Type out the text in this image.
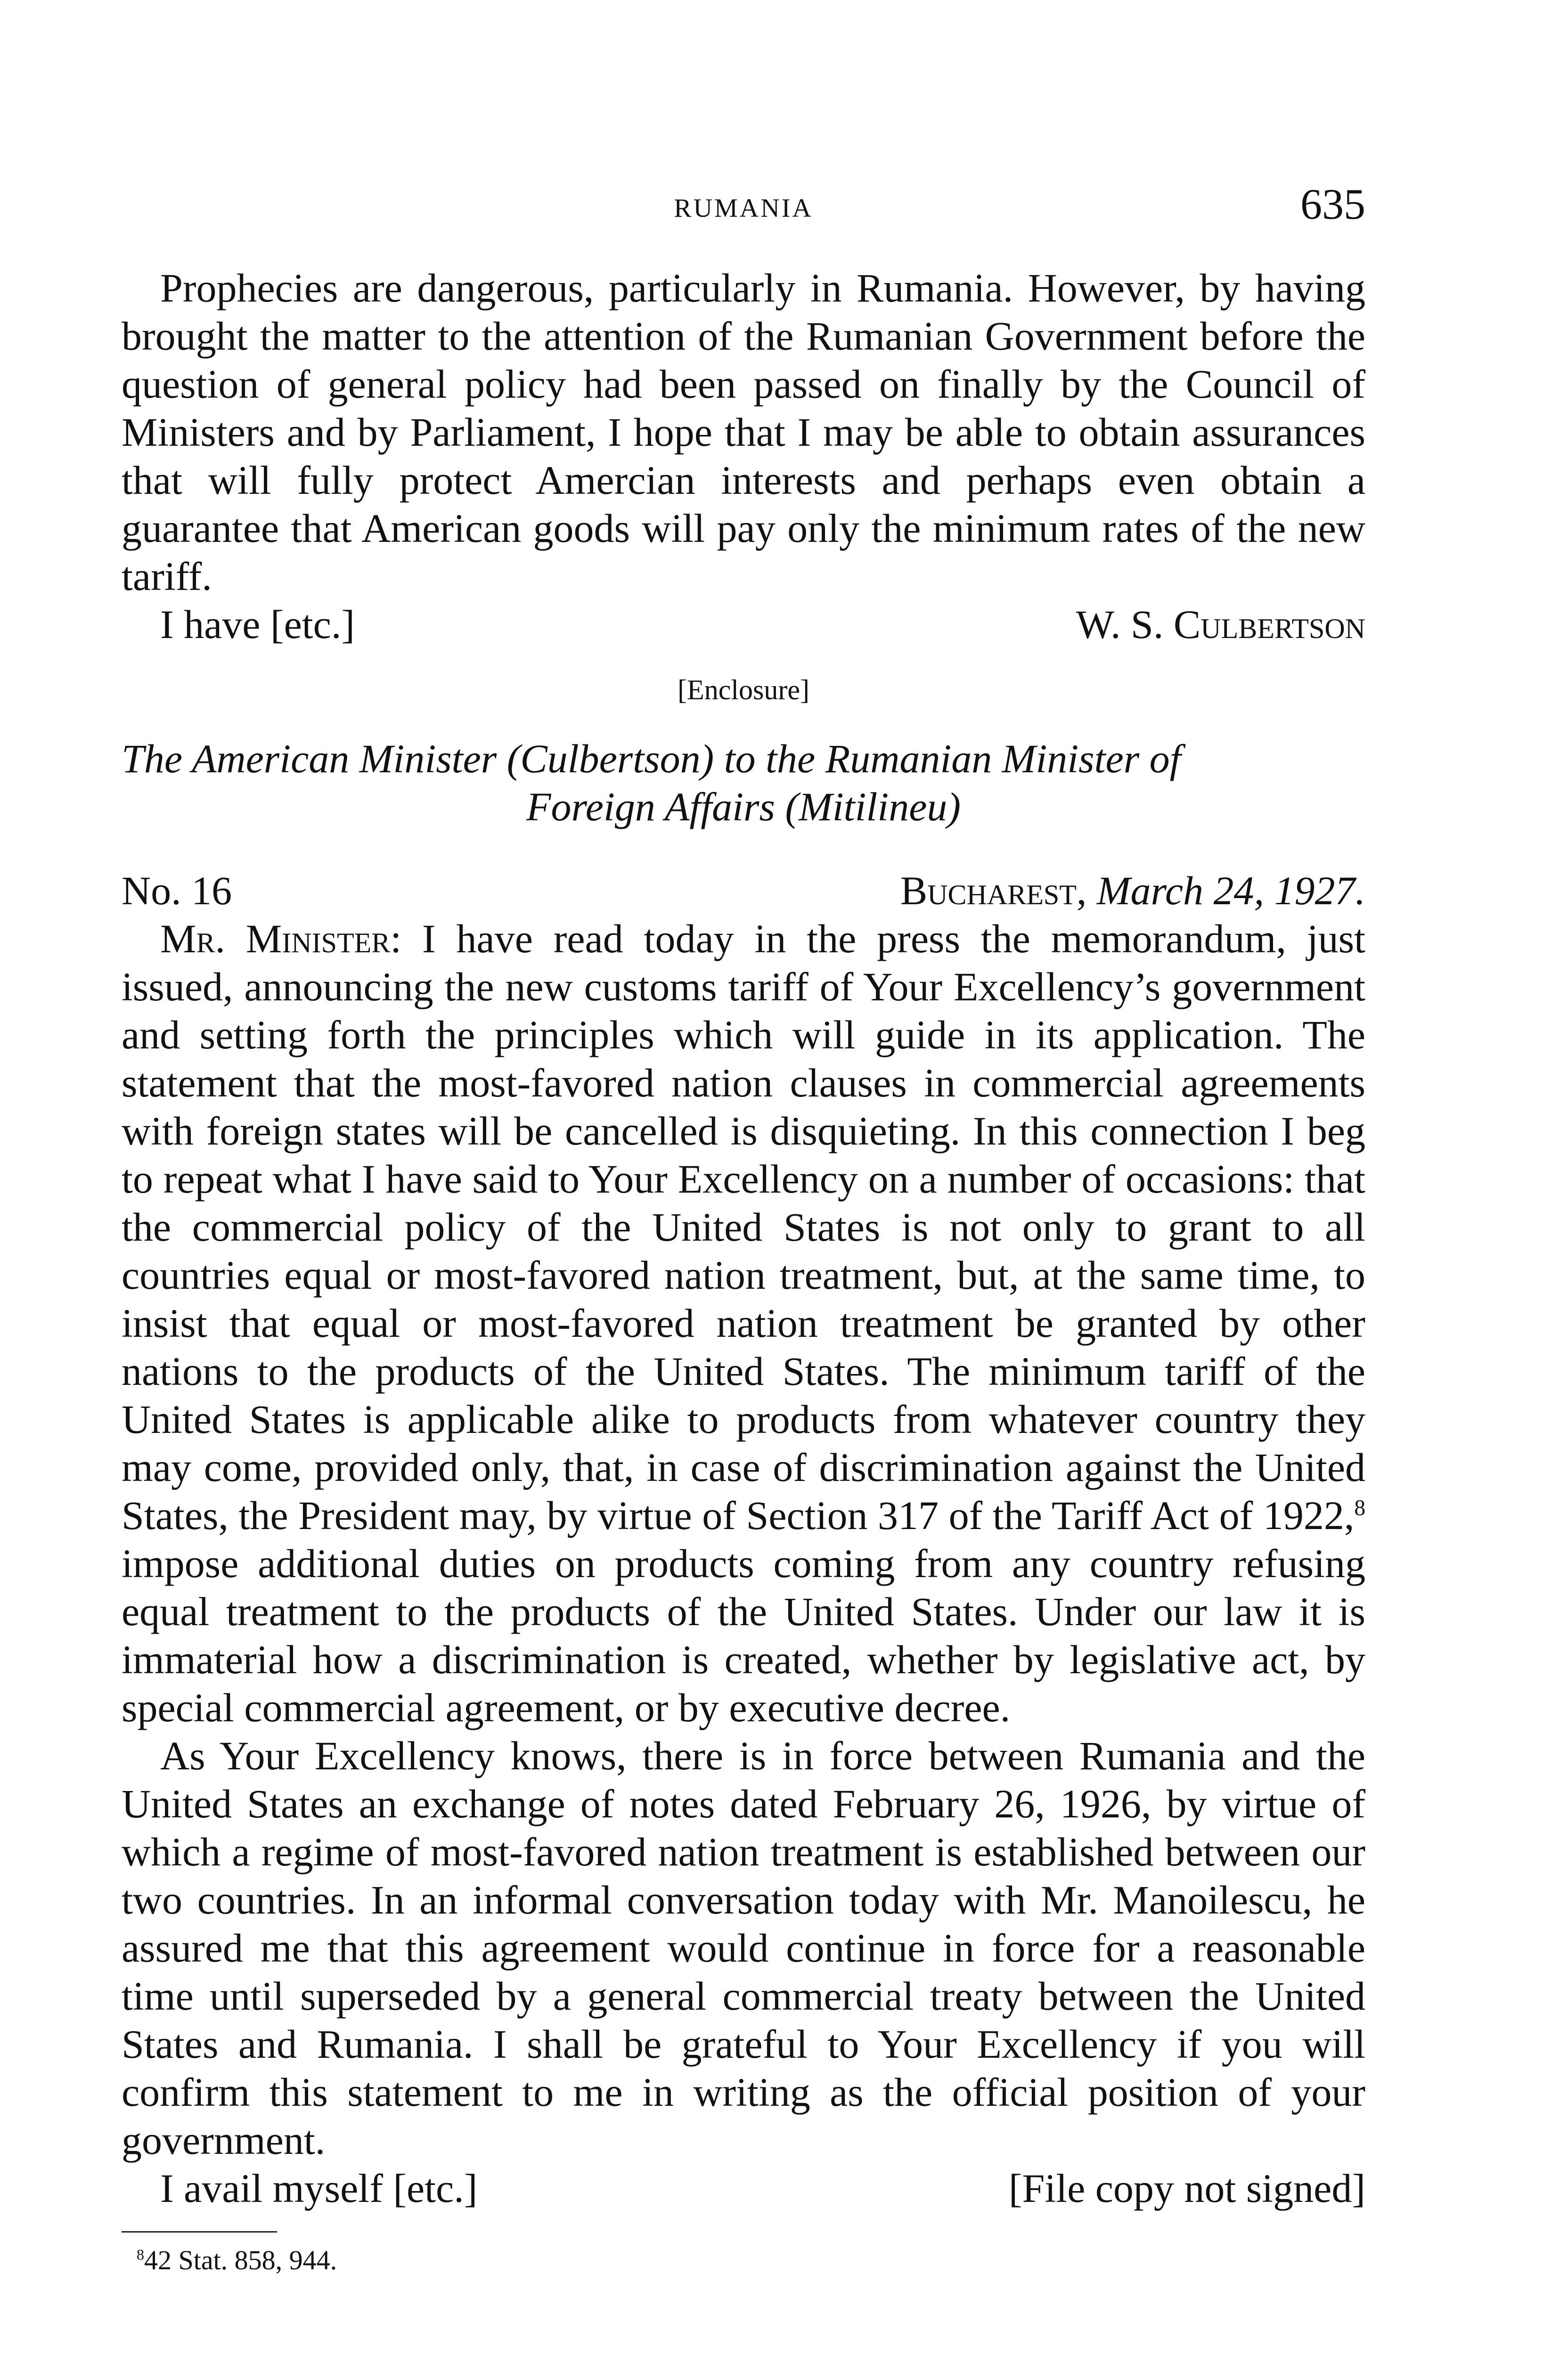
RUMANIA	635

Prophecies are dangerous, particularly in Rumania. However, by having brought the matter to the attention of the Rumanian Government before the question of general policy had been passed on finally by the Council of Ministers and by Parliament, I hope that I may be able to obtain assurances that will fully protect Amercian interests and perhaps even obtain a guarantee that American goods will pay only the minimum rates of the new tariff.

I have [etc.]	W. S. Culbertson
[Enclosure]
The American Minister (Culbertson) to the Rumanian Minister of
Foreign Affairs (Mitilineu)
No. 16	Bucharest, March 24, 1927.

Mr. Minister: I have read today in the press the memorandum, just issued, announcing the new customs tariff of Your Excellency’s government and setting forth the principles which will guide in its application. The statement that the most-favored nation clauses in commercial agreements with foreign states will be cancelled is disquieting. In this connection I beg to repeat what I have said to Your Excellency on a number of occasions: that the commercial policy of the United States is not only to grant to all countries equal or most-favored nation treatment, but, at the same time, to insist that equal or most-favored nation treatment be granted by other nations to the products of the United States. The minimum tariff of the United States is applicable alike to products from whatever country they may come, provided only, that, in case of discrimination against the United States, the President may, by virtue of Section 317 of the Tariff Act of 1922,$^8$ impose additional duties on products coming from any country refusing equal treatment to the products of the United States. Under our law it is immaterial how a discrimination is created, whether by legislative act, by special commercial agreement, or by executive decree.

As Your Excellency knows, there is in force between Rumania and the United States an exchange of notes dated February 26, 1926, by virtue of which a regime of most-favored nation treatment is established between our two countries. In an informal conversation today with Mr. Manoilescu, he assured me that this agreement would continue in force for a reasonable time until superseded by a general commercial treaty between the United States and Rumania. I shall be grateful to Your Excellency if you will confirm this statement to me in writing as the official position of your government.

I avail myself [etc.]	[File copy not signed]
$^8$42 Stat. 858, 944.
